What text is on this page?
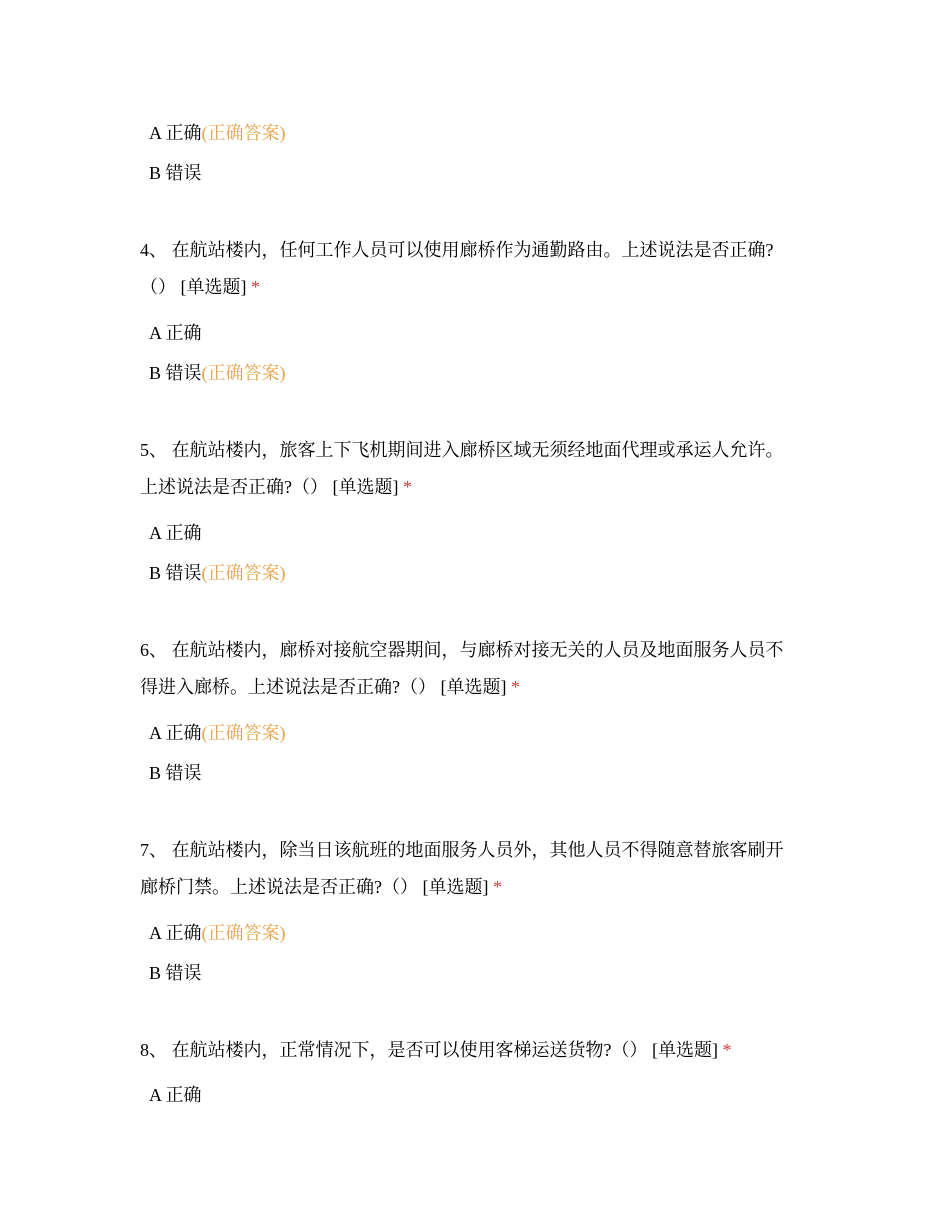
A 正确(正确答案)
B 错误
4、 在航站楼内，任何工作人员可以使用廊桥作为通勤路由。上述说法是否正确?
（） [单选题] *
A 正确
B 错误(正确答案)
5、 在航站楼内，旅客上下飞机期间进入廊桥区域无须经地面代理或承运人允许。
上述说法是否正确?（） [单选题] *
A 正确
B 错误(正确答案)
6、 在航站楼内，廊桥对接航空器期间，与廊桥对接无关的人员及地面服务人员不
得进入廊桥。上述说法是否正确?（） [单选题] *
A 正确(正确答案)
B 错误
7、 在航站楼内，除当日该航班的地面服务人员外，其他人员不得随意替旅客刷开
廊桥门禁。上述说法是否正确?（） [单选题] *
A 正确(正确答案)
B 错误
8、 在航站楼内，正常情况下，是否可以使用客梯运送货物?（） [单选题] *
A 正确
